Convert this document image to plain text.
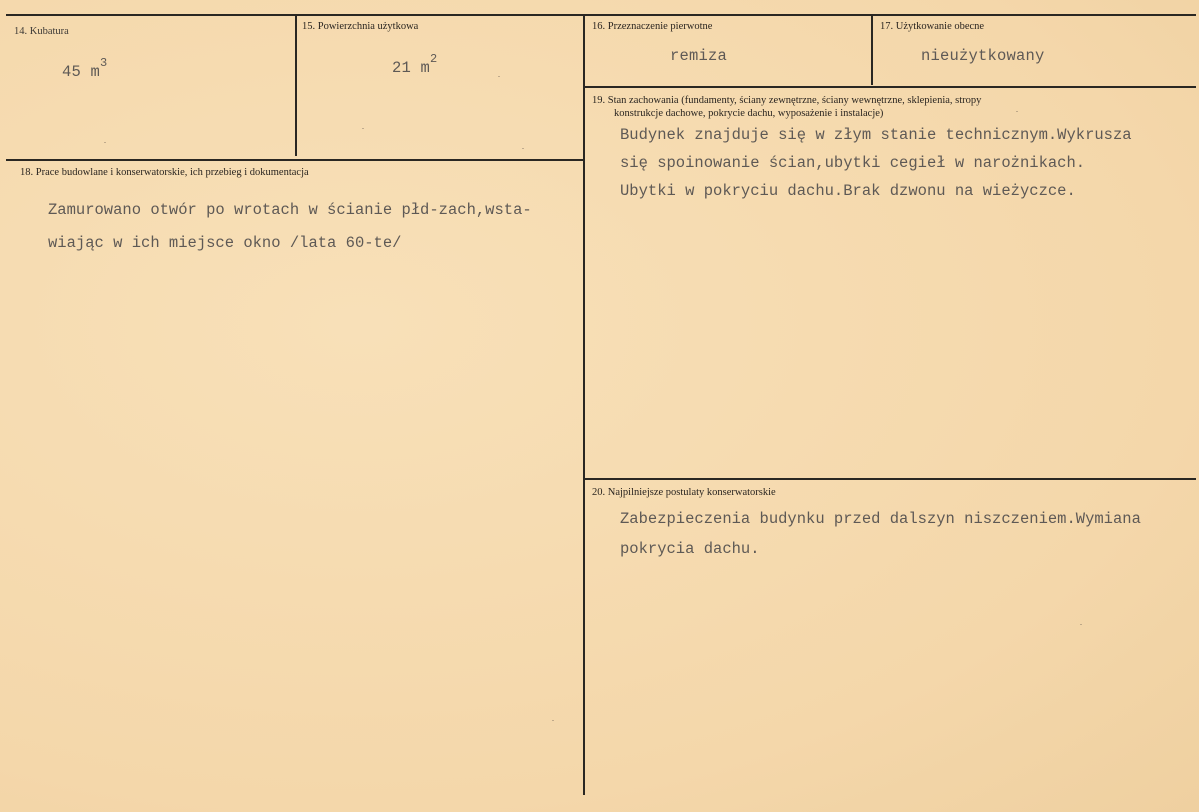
14. Kubatura
45 $m^3$
15. Powierzchnia użytkowa
21 $m^2$
16. Przeznaczenie pierwotne
remiza
17. Użytkowanie obecne
nieużytkowany
19. Stan zachowania (fundamenty, ściany zewnętrzne, ściany wewnętrzne, sklepienia, stropy
konstrukcje dachowe, pokrycie dachu, wyposażenie i instalacje)
Budynek znajduje się w złym stanie technicznym.Wykrusza
się spoinowanie ścian,ubytki cegieł w narożnikach.
Ubytki w pokryciu dachu.Brak dzwonu na wieżyczce.
18. Prace budowlane i konserwatorskie, ich przebieg i dokumentacja
Zamurowano otwór po wrotach w ścianie płd-zach,wsta-
wiając w ich miejsce okno /lata 60-te/
20. Najpilniejsze postulaty konserwatorskie
Zabezpieczenia budynku przed dalszyn niszczeniem.Wymiana
pokrycia dachu.
